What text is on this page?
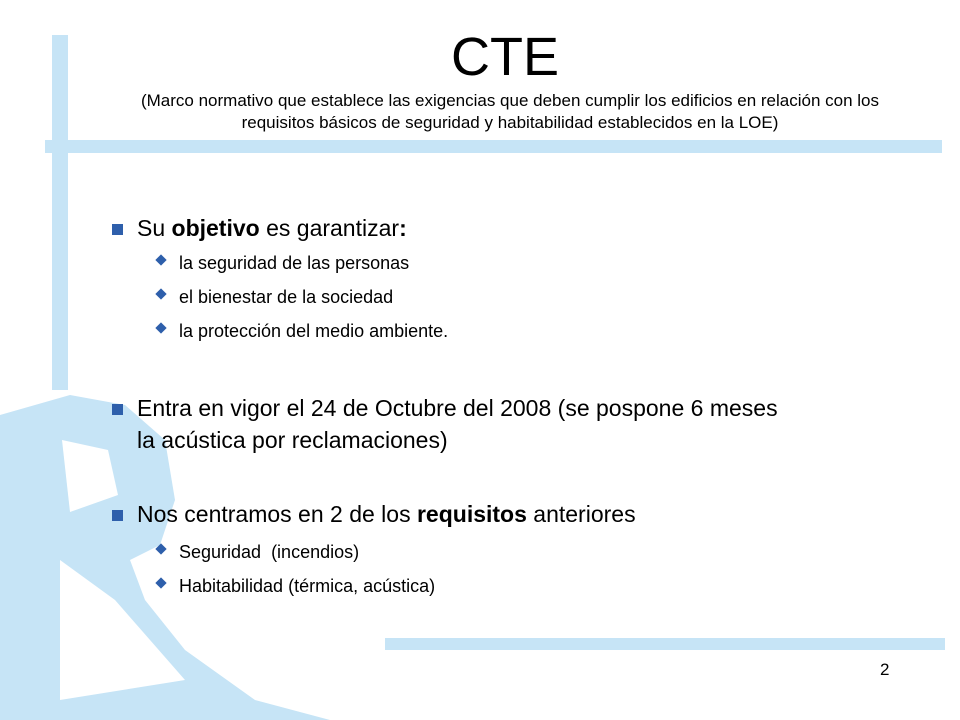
CTE
(Marco normativo que establece las exigencias que deben cumplir los edificios en relación con los
requisitos básicos de seguridad y habitabilidad establecidos en la LOE)
Su objetivo es garantizar:
la seguridad de las personas
el bienestar de la sociedad
la protección del medio ambiente.
Entra en vigor el 24 de Octubre del 2008 (se pospone 6 meses
la acústica por reclamaciones)
Nos centramos en 2 de los requisitos anteriores
Seguridad  (incendios)
Habitabilidad (térmica, acústica)
2
